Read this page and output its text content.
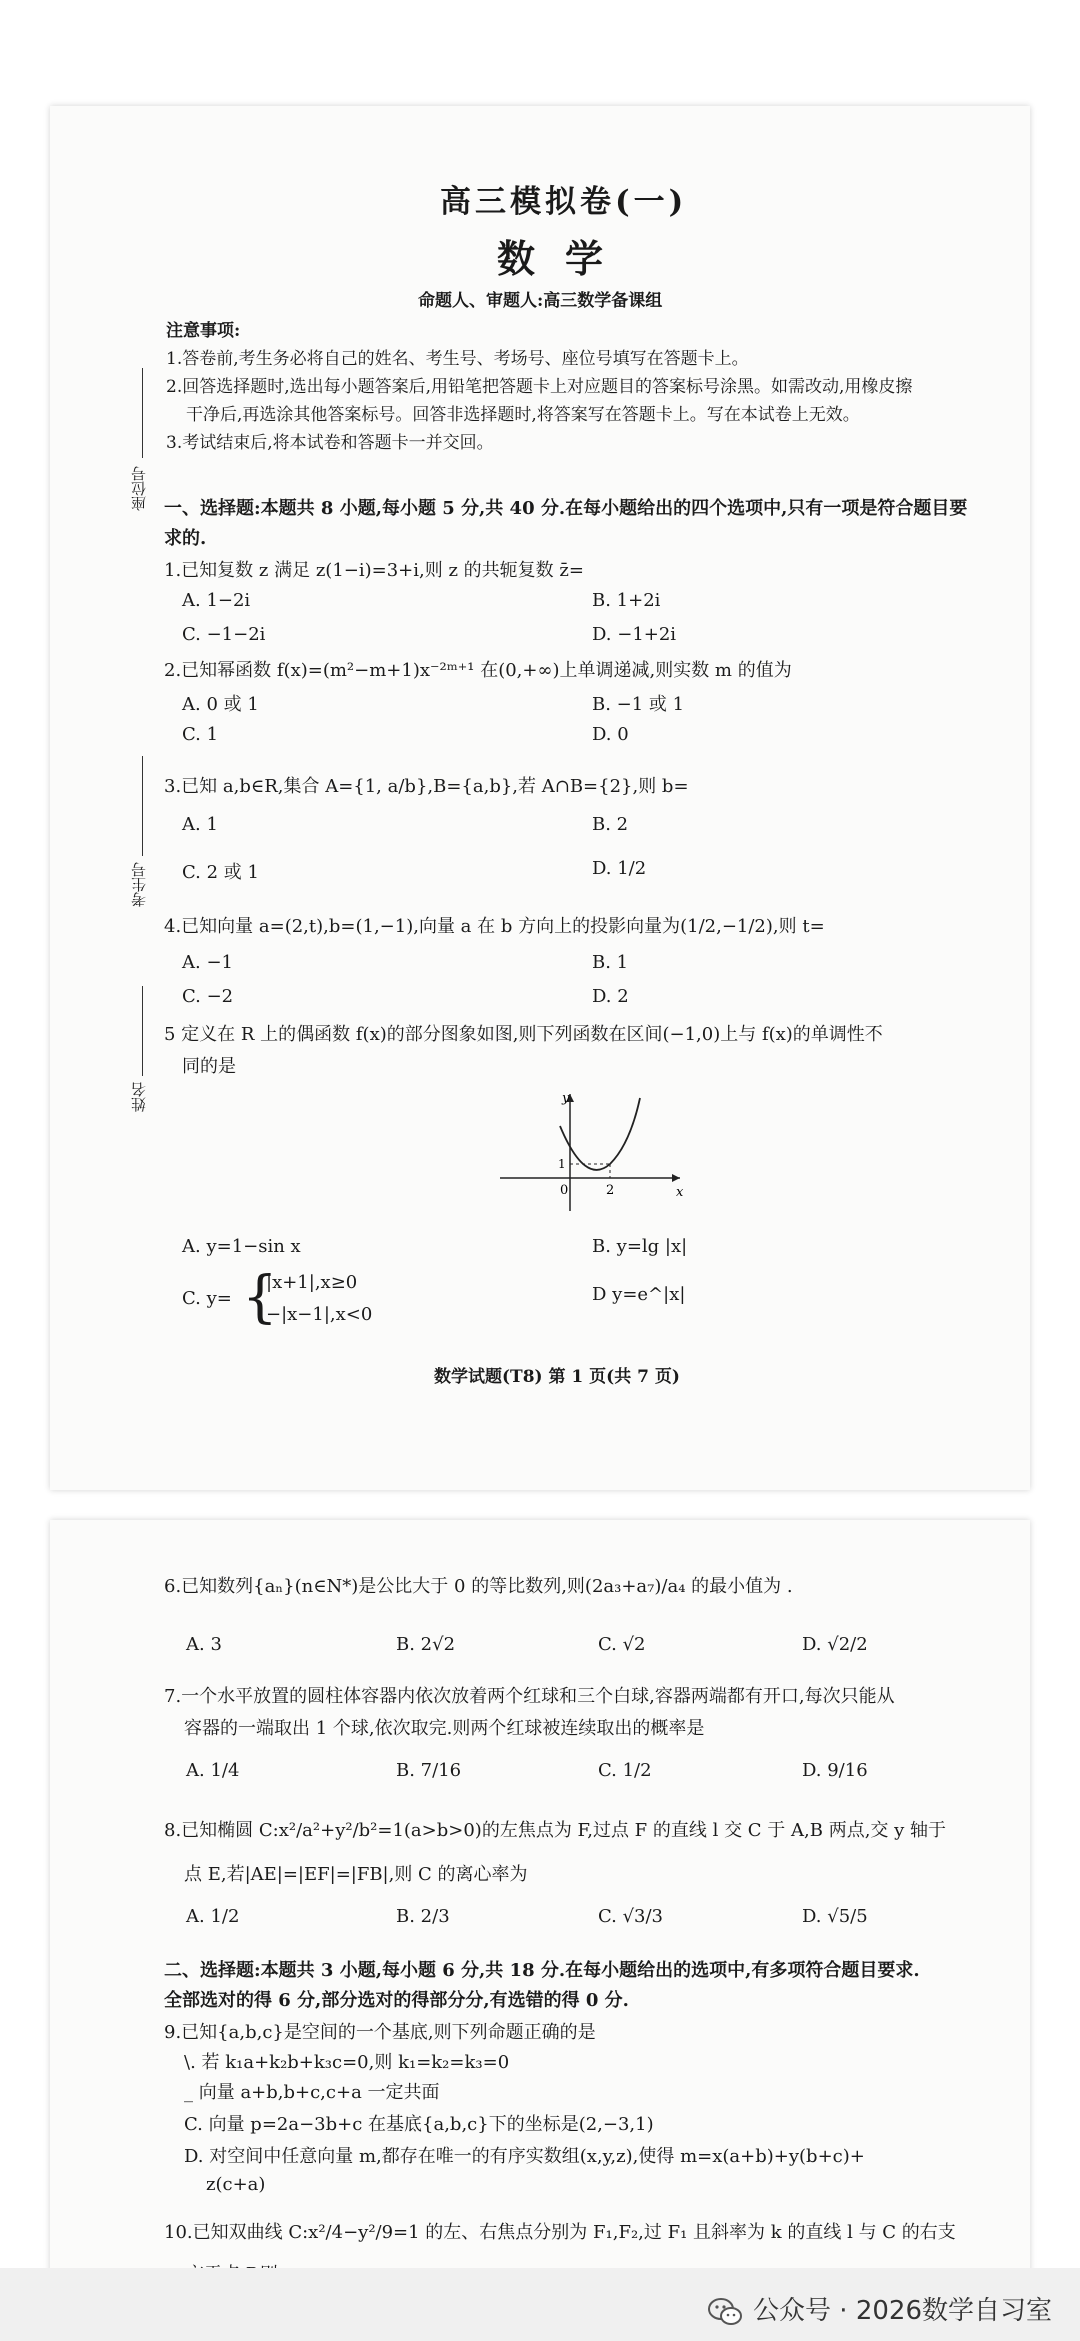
高三模拟卷(一)
数学
命题人、审题人:高三数学备课组
注意事项:
1.答卷前,考生务必将自己的姓名、考生号、考场号、座位号填写在答题卡上。
2.回答选择题时,选出每小题答案后,用铅笔把答题卡上对应题目的答案标号涂黑。如需改动,用橡皮擦
干净后,再选涂其他答案标号。回答非选择题时,将答案写在答题卡上。写在本试卷上无效。
3.考试结束后,将本试卷和答题卡一并交回。
座位号
考生号
姓名
一、选择题:本题共 8 小题,每小题 5 分,共 40 分.在每小题给出的四个选项中,只有一项是符合题目要
求的.
1.已知复数 z 满足 z(1−i)=3+i,则 z 的共轭复数 z̄=
A. 1−2i	B. 1+2i
C. −1−2i	D. −1+2i
2.已知幂函数 f(x)=(m²−m+1)x⁻²ᵐ⁺¹ 在(0,+∞)上单调递减,则实数 m 的值为
A. 0 或 1	B. −1 或 1
C. 1	D. 0
3.已知 a,b∈R,集合 A={1, a/b},B={a,b},若 A∩B={2},则 b=
A. 1	B. 2
C. 2 或 1	D. 1/2
4.已知向量 a=(2,t),b=(1,−1),向量 a 在 b 方向上的投影向量为(1/2,−1/2),则 t=
A. −1	B. 1
C. −2	D. 2
5 定义在 R 上的偶函数 f(x)的部分图象如图,则下列函数在区间(−1,0)上与 f(x)的单调性不
同的是
y
x
0
1
2
A. y=1−sin x	B. y=lg |x|
C. y= {
|x+1|,x≥0
−|x−1|,x<0
D y=e^|x|
数学试题(T8) 第 1 页(共 7 页)
6.已知数列{aₙ}(n∈N*)是公比大于 0 的等比数列,则(2a₃+a₇)/a₄ 的最小值为 .
A. 3	B. 2√2	C. √2	D. √2/2
7.一个水平放置的圆柱体容器内依次放着两个红球和三个白球,容器两端都有开口,每次只能从
容器的一端取出 1 个球,依次取完.则两个红球被连续取出的概率是
A. 1/4	B. 7/16	C. 1/2	D. 9/16
8.已知椭圆 C:x²/a²+y²/b²=1(a>b>0)的左焦点为 F,过点 F 的直线 l 交 C 于 A,B 两点,交 y 轴于
点 E,若|AE|=|EF|=|FB|,则 C 的离心率为
A. 1/2	B. 2/3	C. √3/3	D. √5/5
二、选择题:本题共 3 小题,每小题 6 分,共 18 分.在每小题给出的选项中,有多项符合题目要求.
全部选对的得 6 分,部分选对的得部分分,有选错的得 0 分.
9.已知{a,b,c}是空间的一个基底,则下列命题正确的是
\. 若 k₁a+k₂b+k₃c=0,则 k₁=k₂=k₃=0
_ 向量 a+b,b+c,c+a 一定共面
C. 向量 p=2a−3b+c 在基底{a,b,c}下的坐标是(2,−3,1)
D. 对空间中任意向量 m,都存在唯一的有序实数组(x,y,z),使得 m=x(a+b)+y(b+c)+
z(c+a)
10.已知双曲线 C:x²/4−y²/9=1 的左、右焦点分别为 F₁,F₂,过 F₁ 且斜率为 k 的直线 l 与 C 的右支
公众号 · 2026数学自习室
